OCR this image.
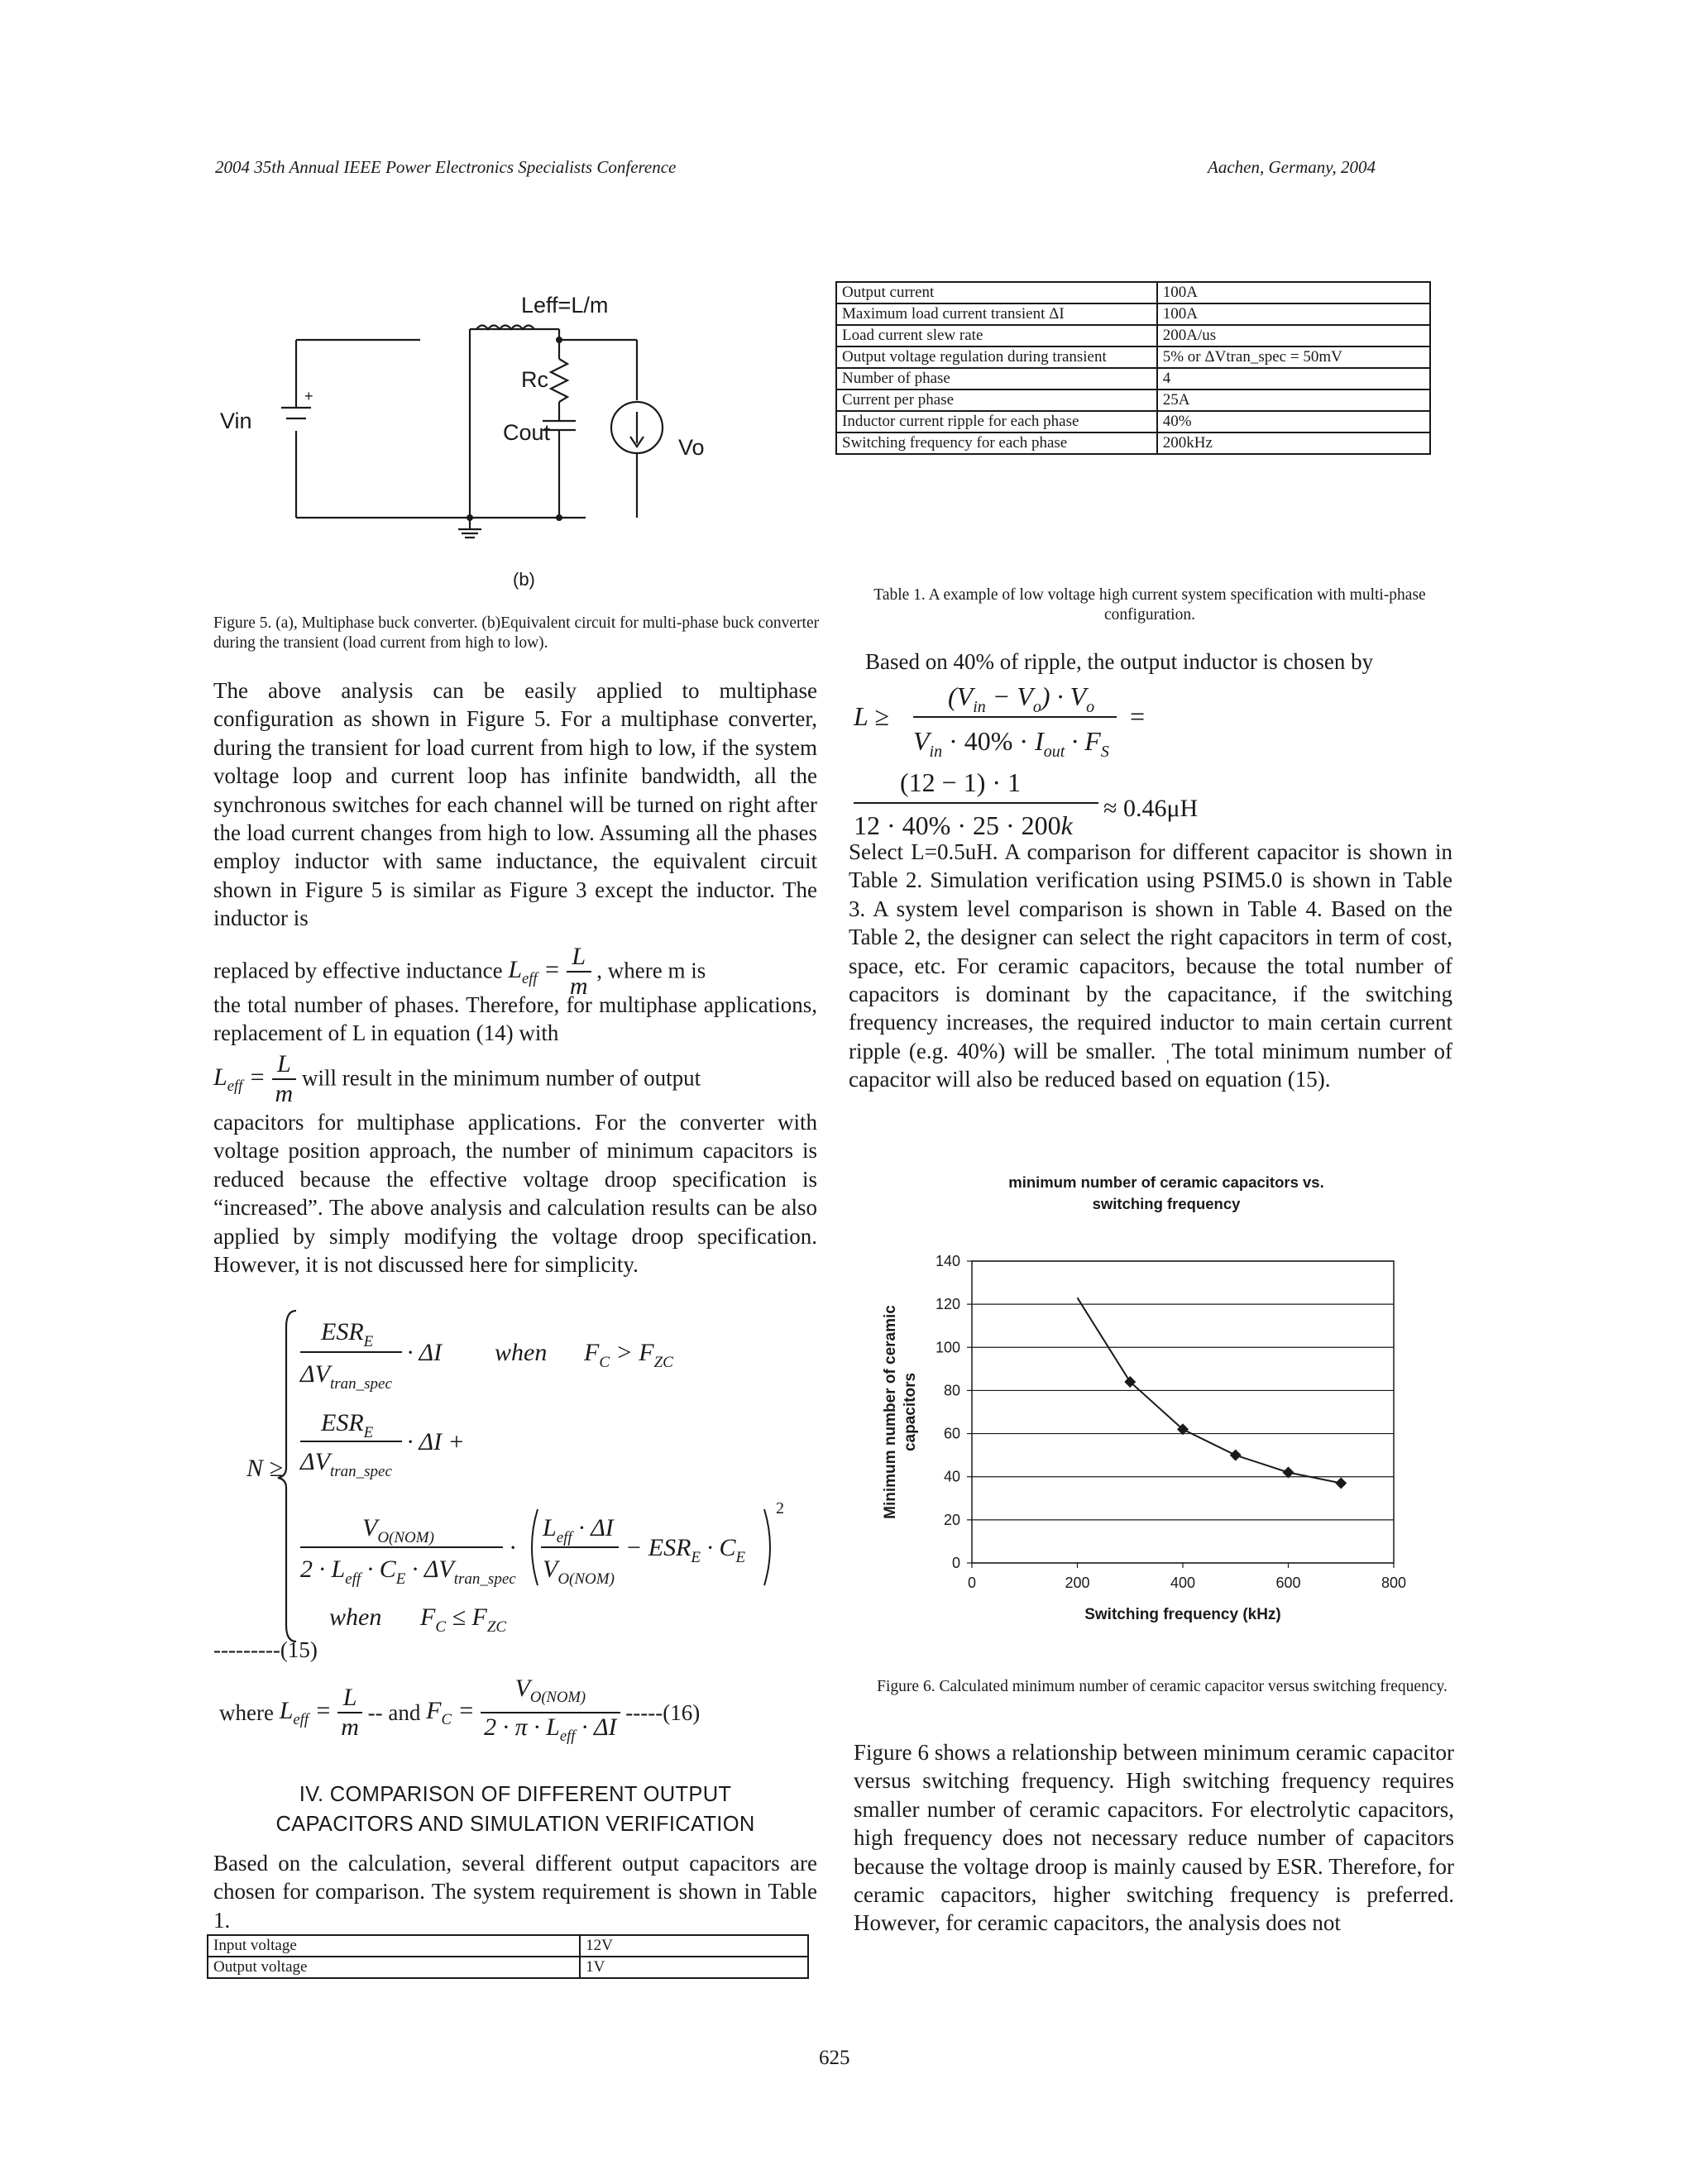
2004 35th Annual IEEE Power Electronics Specialists Conference	Aachen, Germany, 2004
+
Leff=L/m
Rc
Cout
Vin
Vo
(b)
Figure 5. (a), Multiphase buck converter. (b)Equivalent circuit for multi-phase buck converter during the transient (load current from high to low).
The above analysis can be easily applied to multiphase configuration as shown in Figure 5. For a multiphase converter, during the transient for load current from high to low, if the system voltage loop and current loop has infinite bandwidth, all the synchronous switches for each channel will be turned on right after the load current changes from high to low. Assuming all the phases employ inductor with same inductance, the equivalent circuit shown in Figure 5 is similar as Figure 3 except the inductor. The inductor is
replaced by effective inductance $L_{eff} = \frac{L}{m}$ , where m is
the total number of phases. Therefore, for multiphase applications, replacement of L in equation (14) with
$L_{eff} = \frac{L}{m}$ will result in the minimum number of output
capacitors for multiphase applications. For the converter with voltage position approach, the number of minimum capacitors is reduced because the effective voltage droop specification is “increased”. The above analysis and calculation results can be also applied by simply modifying the voltage droop specification. However, it is not discussed here for simplicity.
N ≥
$ESR_E$
$\Delta V_{tran\_spec}$
· ΔI when $F_C > F_{ZC}$
$ESR_E$
$\Delta V_{tran\_spec}$
· ΔI +
$V_{O(NOM)}$
$2 \cdot L_{eff} \cdot C_E \cdot \Delta V_{tran\_spec}$
·
$L_{eff} \cdot \Delta I$
$V_{O(NOM)}$
− $ESR_E \cdot C_E$
2
when $F_C \le F_{ZC}$
---------(15)
where $L_{eff} = \frac{L}{m}$ -- and $F_C = \frac{V_{O(NOM)}}{2 \cdot \pi \cdot L_{eff} \cdot \Delta I} -----(16)$
IV. COMPARISON OF DIFFERENT OUTPUT
CAPACITORS AND SIMULATION VERIFICATION
Based on the calculation, several different output capacitors are chosen for comparison. The system requirement is shown in Table 1.
Input voltage	12V
Output voltage	1V
Output current	100A
Maximum load current transient ΔI	100A
Load current slew rate	200A/us
Output voltage regulation during transient	5% or ΔVtran_spec = 50mV
Number of phase	4
Current per phase	25A
Inductor current ripple for each phase	40%
Switching frequency for each phase	200kHz
Table 1. A example of low voltage high current system specification with multi-phase configuration.
Based on 40% of ripple, the output inductor is chosen by
L ≥
$(V_{in} - V_o) \cdot V_o$
$V_{in} \cdot 40\% \cdot I_{out} \cdot F_S$
=
(12 − 1) · 1
12 · 40% · 25 · 200k
≈ 0.46μH
Select L=0.5uH. A comparison for different capacitor is shown in Table 2. Simulation verification using PSIM5.0 is shown in Table 3. A system level comparison is shown in Table 4. Based on the Table 2, the designer can select the right capacitors in term of cost, space, etc. For ceramic capacitors, because the total number of capacitors is dominant by the capacitance, if the switching frequency increases, the required inductor to main certain current ripple (e.g. 40%) will be smaller. ˌThe total minimum number of capacitor will also be reduced based on equation (15).
minimum number of ceramic capacitors vs.
switching frequency
0
20
40
60
80
100
120
140
0	200	400	600	800
Switching frequency (kHz)
Minimum number of ceramic capacitors
Figure 6. Calculated minimum number of ceramic capacitor versus switching frequency.
Figure 6 shows a relationship between minimum ceramic capacitor versus switching frequency. High switching frequency requires smaller number of ceramic capacitors. For electrolytic capacitors, high frequency does not necessary reduce number of capacitors because the voltage droop is mainly caused by ESR. Therefore, for ceramic capacitors, higher switching frequency is preferred. However, for ceramic capacitors, the analysis does not
625
